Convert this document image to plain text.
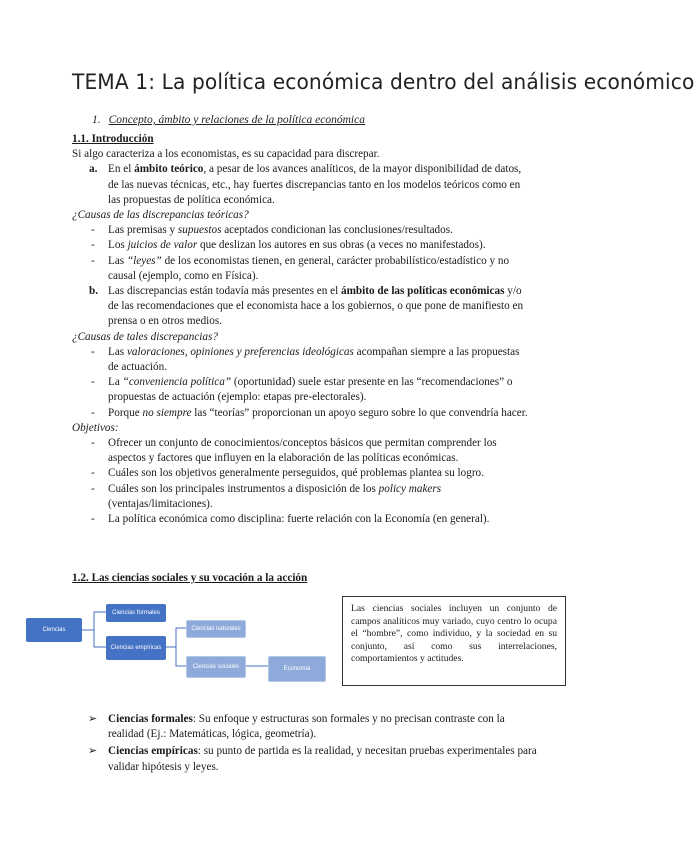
TEMA 1: La política económica dentro del análisis económico
1. Concepto, ámbito y relaciones de la política económica
1.1. Introducción

Si algo caracteriza a los economistas, es su capacidad para discrepar.

a. En el ámbito teórico, a pesar de los avances analíticos, de la mayor disponibilidad de datos, de las nuevas técnicas, etc., hay fuertes discrepancias tanto en los modelos teóricos como en las propuestas de política económica.
¿Causas de las discrepancias teóricas?
- Las premisas y supuestos aceptados condicionan las conclusiones/resultados.
- Los juicios de valor que deslizan los autores en sus obras (a veces no manifestados).
- Las “leyes” de los economistas tienen, en general, carácter probabilístico/estadístico y no causal (ejemplo, como en Física).
b. Las discrepancias están todavía más presentes en el ámbito de las políticas económicas y/o de las recomendaciones que el economista hace a los gobiernos, o que pone de manifiesto en prensa o en otros medios.
¿Causas de tales discrepancias?
- Las valoraciones, opiniones y preferencias ideológicas acompañan siempre a las propuestas de actuación.
- La “conveniencia política” (oportunidad) suele estar presente en las “recomendaciones” o propuestas de actuación (ejemplo: etapas pre-electorales).
- Porque no siempre las “teorías” proporcionan un apoyo seguro sobre lo que convendría hacer.
Objetivos:
- Ofrecer un conjunto de conocimientos/conceptos básicos que permitan comprender los aspectos y factores que influyen en la elaboración de las políticas económicas.
- Cuáles son los objetivos generalmente perseguidos, qué problemas plantea su logro.
- Cuáles son los principales instrumentos a disposición de los policy makers (ventajas/limitaciones).
- La política económica como disciplina: fuerte relación con la Economía (en general).
1.2. Las ciencias sociales y su vocación a la acción
Ciencias
Ciencias formales
Ciencias empíricas
Ciencias naturales
Ciencias sociales	Economía
Las ciencias sociales incluyen un conjunto de campos analíticos muy variado, cuyo centro lo ocupa el “hombre”, como individuo, y la sociedad en su conjunto, así como sus interrelaciones, comportamientos y actitudes.
➢ Ciencias formales: Su enfoque y estructuras son formales y no precisan contraste con la realidad (Ej.: Matemáticas, lógica, geometría).
➢ Ciencias empíricas: su punto de partida es la realidad, y necesitan pruebas experimentales para validar hipótesis y leyes.
